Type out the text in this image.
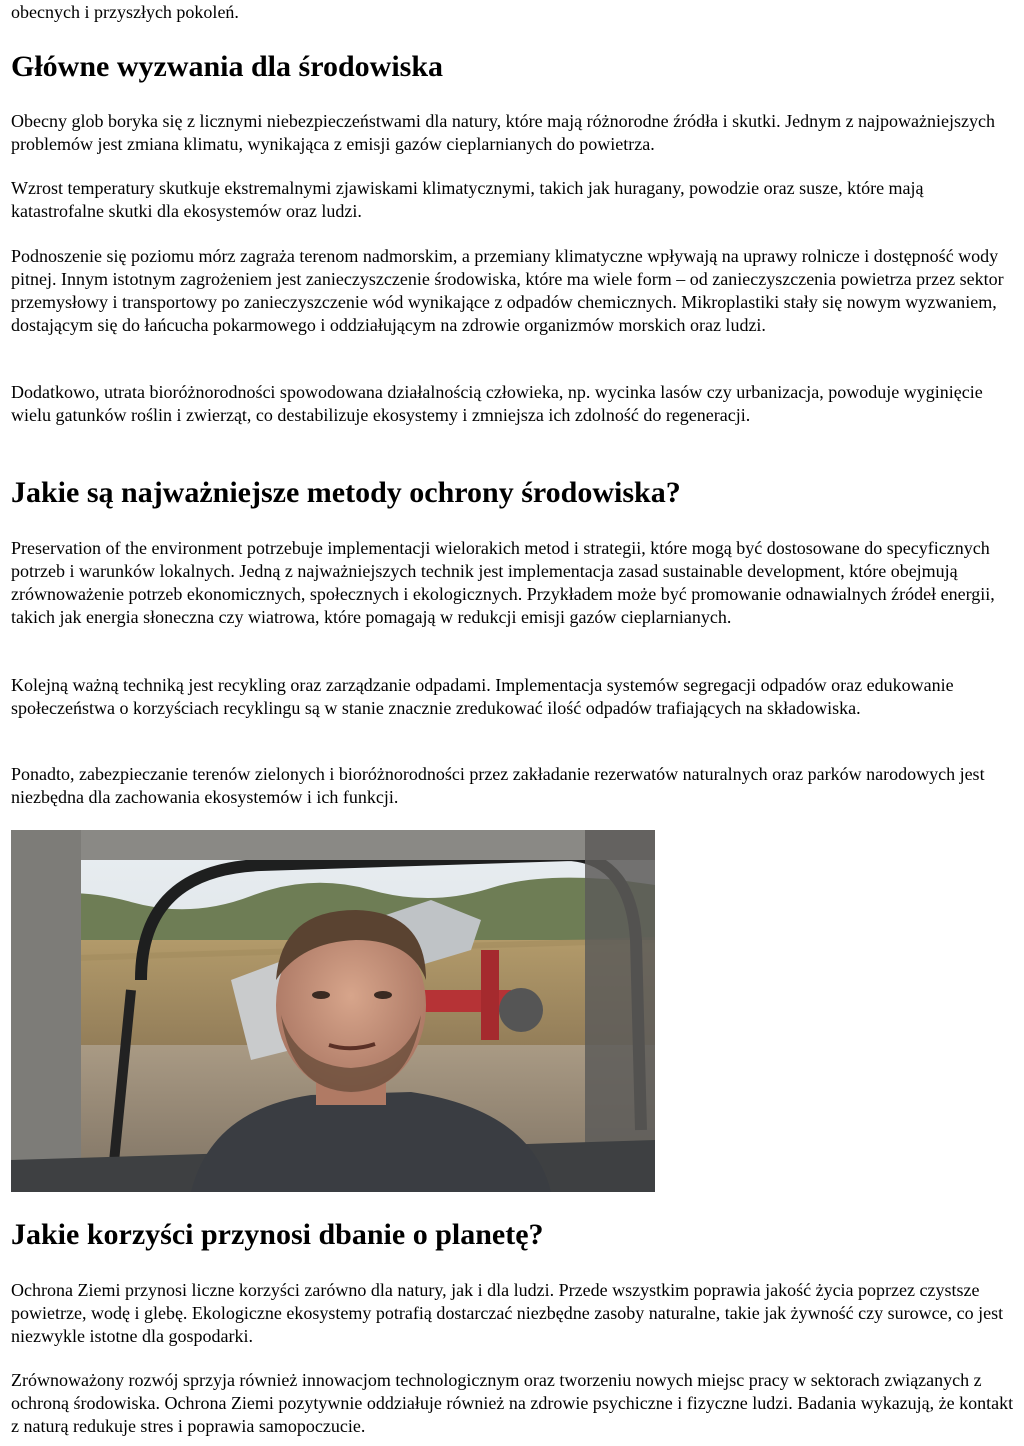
obecnych i przyszłych pokoleń.

Główne wyzwania dla środowiska

Obecny glob boryka się z licznymi niebezpieczeństwami dla natury, które mają różnorodne źródła i skutki. Jednym z najpoważniejszych problemów jest zmiana klimatu, wynikająca z emisji gazów cieplarnianych do powietrza.

Wzrost temperatury skutkuje ekstremalnymi zjawiskami klimatycznymi, takich jak huragany, powodzie oraz susze, które mają katastrofalne skutki dla ekosystemów oraz ludzi.

Podnoszenie się poziomu mórz zagraża terenom nadmorskim, a przemiany klimatyczne wpływają na uprawy rolnicze i dostępność wody pitnej. Innym istotnym zagrożeniem jest zanieczyszczenie środowiska, które ma wiele form – od zanieczyszczenia powietrza przez sektor przemysłowy i transportowy po zanieczyszczenie wód wynikające z odpadów chemicznych. Mikroplastiki stały się nowym wyzwaniem, dostającym się do łańcucha pokarmowego i oddziałującym na zdrowie organizmów morskich oraz ludzi.

Dodatkowo, utrata bioróżnorodności spowodowana działalnością człowieka, np. wycinka lasów czy urbanizacja, powoduje wyginięcie wielu gatunków roślin i zwierząt, co destabilizuje ekosystemy i zmniejsza ich zdolność do regeneracji.

Jakie są najważniejsze metody ochrony środowiska?

Preservation of the environment potrzebuje implementacji wielorakich metod i strategii, które mogą być dostosowane do specyficznych potrzeb i warunków lokalnych. Jedną z najważniejszych technik jest implementacja zasad sustainable development, które obejmują zrównoważenie potrzeb ekonomicznych, społecznych i ekologicznych. Przykładem może być promowanie odnawialnych źródeł energii, takich jak energia słoneczna czy wiatrowa, które pomagają w redukcji emisji gazów cieplarnianych.

Kolejną ważną techniką jest recykling oraz zarządzanie odpadami. Implementacja systemów segregacji odpadów oraz edukowanie społeczeństwa o korzyściach recyklingu są w stanie znacznie zredukować ilość odpadów trafiających na składowiska.

Ponadto, zabezpieczanie terenów zielonych i bioróżnorodności przez zakładanie rezerwatów naturalnych oraz parków narodowych jest niezbędna dla zachowania ekosystemów i ich funkcji.

Jakie korzyści przynosi dbanie o planetę?

Ochrona Ziemi przynosi liczne korzyści zarówno dla natury, jak i dla ludzi. Przede wszystkim poprawia jakość życia poprzez czystsze powietrze, wodę i glebę. Ekologiczne ekosystemy potrafią dostarczać niezbędne zasoby naturalne, takie jak żywność czy surowce, co jest niezwykle istotne dla gospodarki.

Zrównoważony rozwój sprzyja również innowacjom technologicznym oraz tworzeniu nowych miejsc pracy w sektorach związanych z ochroną środowiska. Ochrona Ziemi pozytywnie oddziałuje również na zdrowie psychiczne i fizyczne ludzi. Badania wykazują, że kontakt z naturą redukuje stres i poprawia samopoczucie.
